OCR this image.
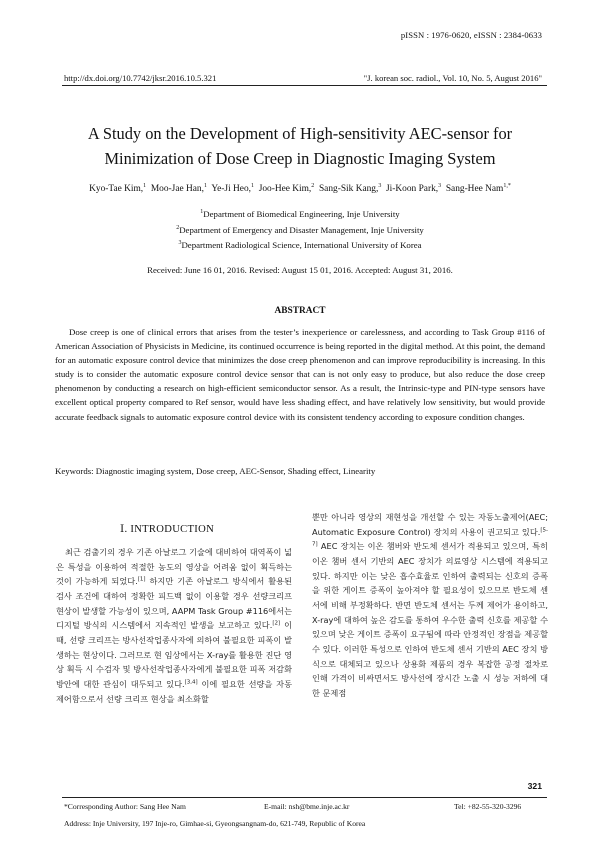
pISSN : 1976-0620, eISSN : 2384-0633
http://dx.doi.org/10.7742/jksr.2016.10.5.321	"J. korean soc. radiol., Vol. 10, No. 5, August 2016"
A Study on the Development of High-sensitivity AEC-sensor for
Minimization of Dose Creep in Diagnostic Imaging System
Kyo-Tae Kim,$^1$ Moo-Jae Han,$^1$ Ye-Ji Heo,$^1$ Joo-Hee Kim,$^2$ Sang-Sik Kang,$^3$ Ji-Koon Park,$^3$ Sang-Hee Nam$^{1,*}$
$^1$Department of Biomedical Engineering, Inje University
$^2$Department of Emergency and Disaster Management, Inje University
$^3$Department Radiological Science, International University of Korea
Received: June 16 01, 2016. Revised: August 15 01, 2016. Accepted: August 31, 2016.
ABSTRACT

Dose creep is one of clinical errors that arises from the tester’s inexperience or carelessness, and according to Task Group #116 of American Association of Physicists in Medicine, its continued occurrence is being reported in the digital method. At this point, the demand for an automatic exposure control device that minimizes the dose creep phenomenon and can improve reproducibility is increasing. In this study is to consider the automatic exposure control device sensor that can is not only easy to produce, but also reduce the dose creep phenomenon by conducting a research on high-efficient semiconductor sensor. As a result, the Intrinsic-type and PIN-type sensors have excellent optical property compared to Ref sensor, would have less shading effect, and have relatively low sensitivity, but would provide accurate feedback signals to automatic exposure control device with its consistent tendency according to exposure condition changes.

Keywords: Diagnostic imaging system, Dose creep, AEC-Sensor, Shading effect, Linearity
Ⅰ. INTRODUCTION

최근 검출기의 경우 기존 아날로그 기술에 대비하여 대역폭이 넓은 특성을 이용하여 적절한 농도의 영상을 어려움 없이 획득하는 것이 가능하게 되었다.[1] 하지만 기존 아날로그 방식에서 활용된 검사 조건에 대하여 정확한 피드백 없이 이용할 경우 선량크리프 현상이 발생할 가능성이 있으며, AAPM Task Group #116에서는 디지털 방식의 시스템에서 지속적인 발생을 보고하고 있다.[2] 이 때, 선량 크리프는 방사선작업종사자에 의하여 불필요한 피폭이 발생하는 현상이다. 그러므로 현 임상에서는 X-ray를 활용한 진단 영상 획득 시 수검자 및 방사선작업종사자에게 불필요한 피폭 저감화 방안에 대한 관심이 대두되고 있다.[3,4] 이에 필요한 선량을 자동 제어함으로서 선량 크리프 현상을 최소화할

뿐만 아니라 영상의 재현성을 개선할 수 있는 자동노출제어(AEC; Automatic Exposure Control) 장치의 사용이 권고되고 있다.[5-7] AEC 장치는 이온 챔버와 반도체 센서가 적용되고 있으며, 특히 이온 챔버 센서 기반의 AEC 장치가 의료영상 시스템에 적용되고 있다. 하지만 이는 낮은 흡수효율로 인하여 출력되는 신호의 증폭을 위한 게이트 증폭이 높아져야 할 필요성이 있으므로 반도체 센서에 비해 부정확하다. 반면 반도체 센서는 두께 제어가 용이하고, X-ray에 대하여 높은 감도를 통하여 우수한 출력 신호를 제공할 수 있으며 낮은 게이트 증폭이 요구됨에 따라 안정적인 장점을 제공할 수 있다. 이러한 특성으로 인하여 반도체 센서 기반의 AEC 장치 방식으로 대체되고 있으나 상용화 제품의 경우 복잡한 공정 절차로 인해 가격이 비싸면서도 방사선에 장시간 노출 시 성능 저하에 대한 문제점

321
*Corresponding Author: Sang Hee Nam	E-mail: nsh@bme.inje.ac.kr	Tel: +82-55-320-3296
Address: Inje University, 197 Inje-ro, Gimhae-si, Gyeongsangnam-do, 621-749, Republic of Korea
